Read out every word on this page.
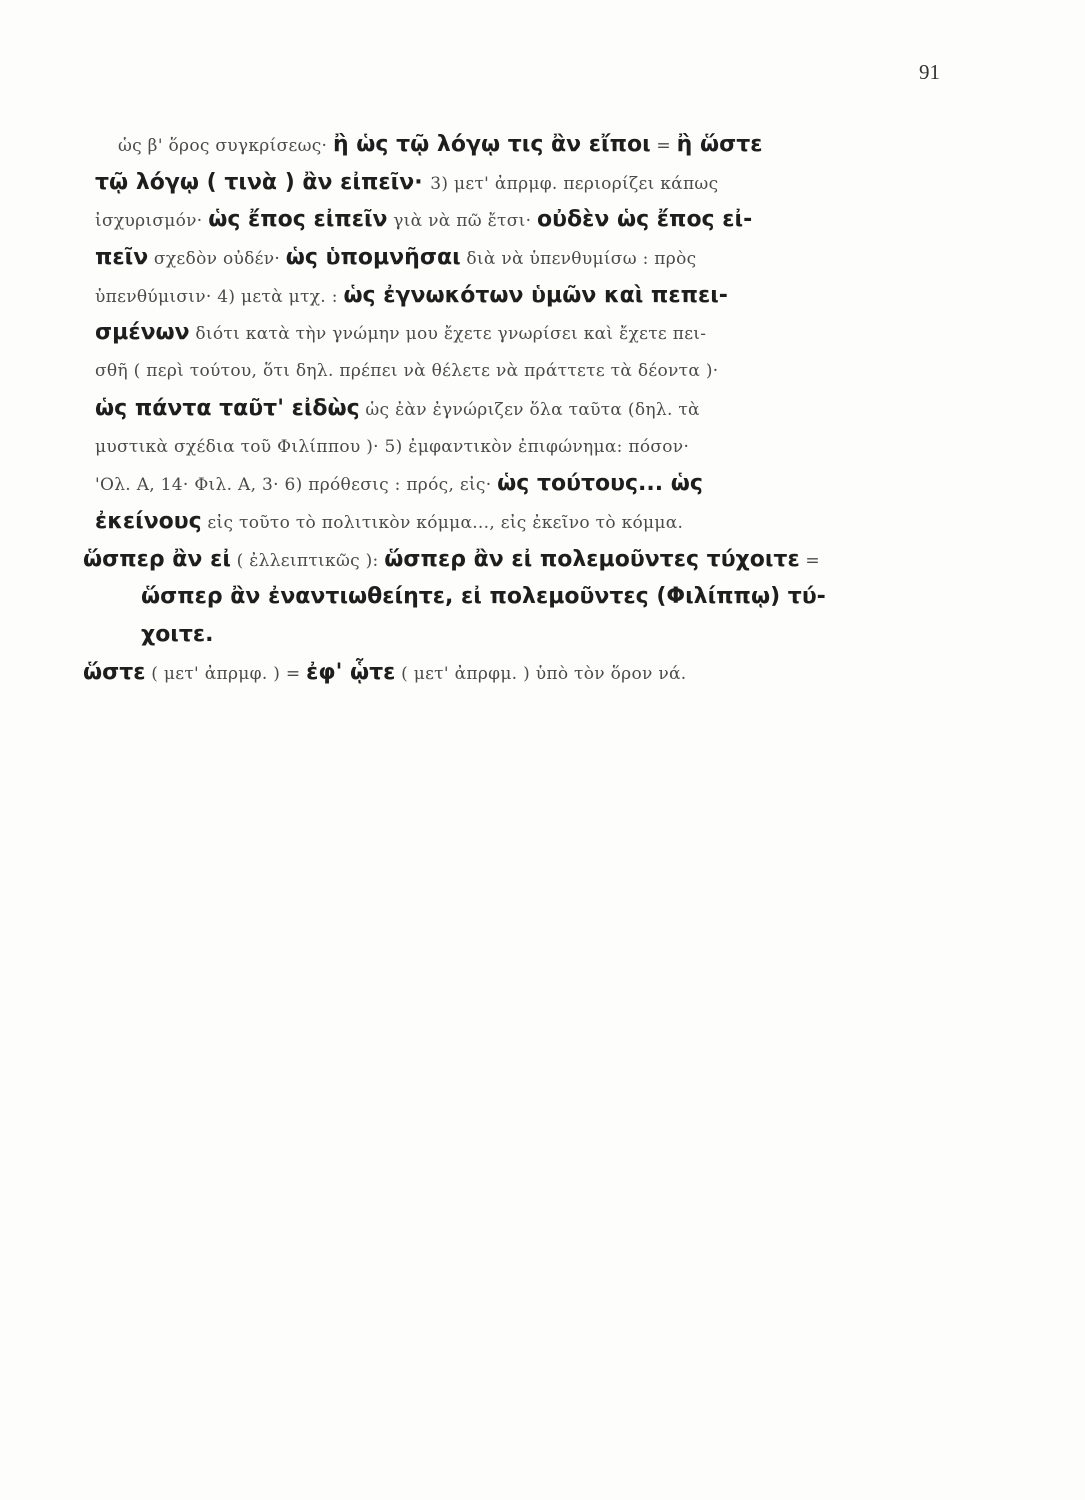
91
ὡς β' ὅρος συγκρίσεως· ἢ ὡς τῷ λόγῳ τις ἂν εἴποι = ἢ ὥστε
τῷ λόγῳ ( τινὰ ) ἂν εἰπεῖν· 3) μετ' ἀπρμφ. περιορίζει κάπως
ἰσχυρισμόν· ὡς ἔπος εἰπεῖν γιὰ νὰ πῶ ἔτσι· οὐδὲν ὡς ἔπος εἰ-
πεῖν σχεδὸν οὐδέν· ὡς ὑπομνῆσαι διὰ νὰ ὑπενθυμίσω : πρὸς
ὑπενθύμισιν· 4) μετὰ μτχ. : ὡς ἐγνωκότων ὑμῶν καὶ πεπει-
σμένων διότι κατὰ τὴν γνώμην μου ἔχετε γνωρίσει καὶ ἔχετε πει-
σθῆ ( περὶ τούτου, ὅτι δηλ. πρέπει νὰ θέλετε νὰ πράττετε τὰ δέοντα )·
ὡς πάντα ταῦτ' εἰδὼς ὡς ἐὰν ἐγνώριζεν ὅλα ταῦτα (δηλ. τὰ
μυστικὰ σχέδια τοῦ Φιλίππου )· 5) ἐμφαντικὸν ἐπιφώνημα: πόσον·
'Ολ. Α, 14· Φιλ. Α, 3· 6) πρόθεσις : πρός, εἰς· ὡς τούτους... ὡς
ἐκείνους εἰς τοῦτο τὸ πολιτικὸν κόμμα..., εἰς ἐκεῖνο τὸ κόμμα.
ὥσπερ ἂν εἰ ( ἐλλειπτικῶς ): ὥσπερ ἂν εἰ πολεμοῦντες τύχοιτε =
ὥσπερ ἂν ἐναντιωθείητε, εἰ πολεμοῦντες (Φιλίππῳ) τύ-
χοιτε.
ὥστε ( μετ' ἀπρμφ. ) = ἐφ' ᾧτε ( μετ' ἀπρφμ. ) ὑπὸ τὸν ὅρον νά.
